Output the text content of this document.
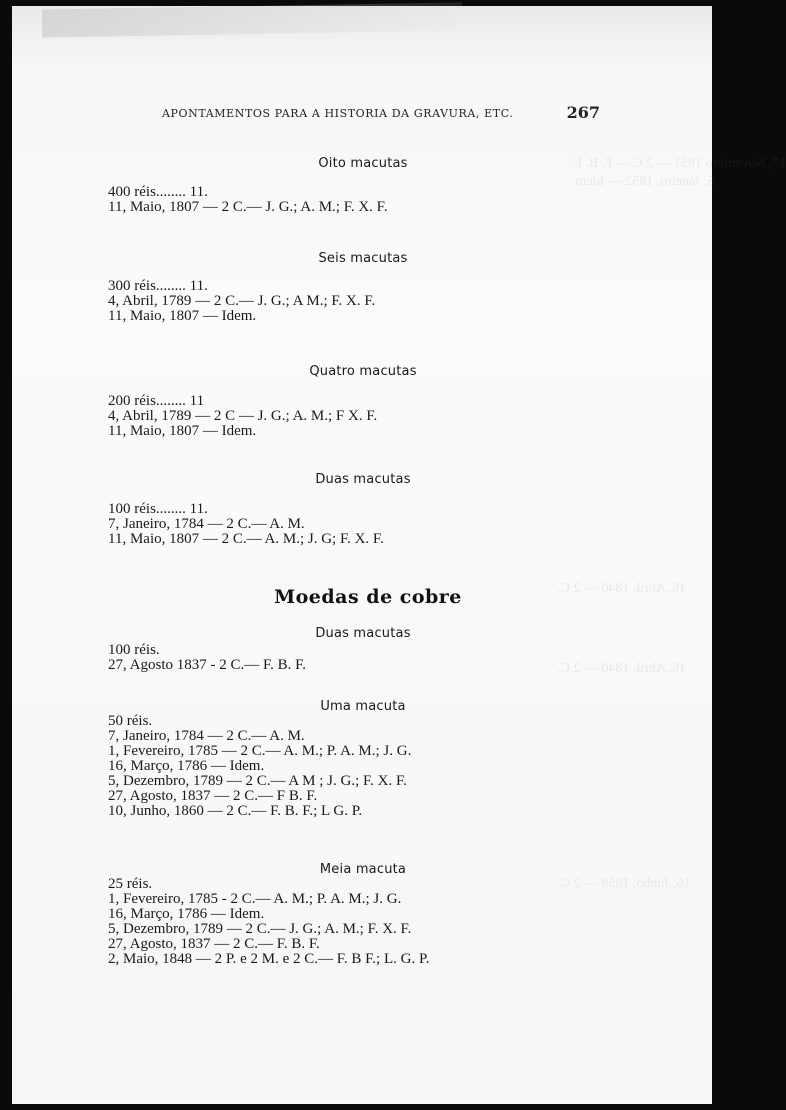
APONTAMENTOS PARA A HISTORIA DA GRAVURA, ETC.	267
17, Novembro 1851 — 2 C.— F. B. F.
5, Janeiro, 1852 — Idem.
16, Abril, 1840 — 2 C.
16, Abril, 1840 — 2 C.
16, Junho, 1858 — 2 C.
Oito macutas
400 réis........ 11.
11, Maio, 1807 — 2 C.— J. G.; A. M.; F. X. F.
Seis macutas
300 réis........ 11.
4, Abril, 1789 — 2 C.— J. G.; A M.; F. X. F.
11, Maio, 1807 — Idem.
Quatro macutas
200 réis........ 11
4, Abril, 1789 — 2 C — J. G.; A. M.; F X. F.
11, Maio, 1807 — Idem.
Duas macutas
100 réis........ 11.
7, Janeiro, 1784 — 2 C.— A. M.
11, Maio, 1807 — 2 C.— A. M.; J. G; F. X. F.
Moedas de cobre
Duas macutas
100 réis.
27, Agosto 1837 - 2 C.— F. B. F.
Uma macuta
50 réis.
7, Janeiro, 1784 — 2 C.— A. M.
1, Fevereiro, 1785 — 2 C.— A. M.; P. A. M.; J. G.
16, Março, 1786 — Idem.
5, Dezembro, 1789 — 2 C.— A M ; J. G.; F. X. F.
27, Agosto, 1837 — 2 C.— F B. F.
10, Junho, 1860 — 2 C.— F. B. F.; L G. P.
Meia macuta
25 réis.
1, Fevereiro, 1785 - 2 C.— A. M.; P. A. M.; J. G.
16, Março, 1786 — Idem.
5, Dezembro, 1789 — 2 C.— J. G.; A. M.; F. X. F.
27, Agosto, 1837 — 2 C.— F. B. F.
2, Maio, 1848 — 2 P. e 2 M. e 2 C.— F. B F.; L. G. P.
